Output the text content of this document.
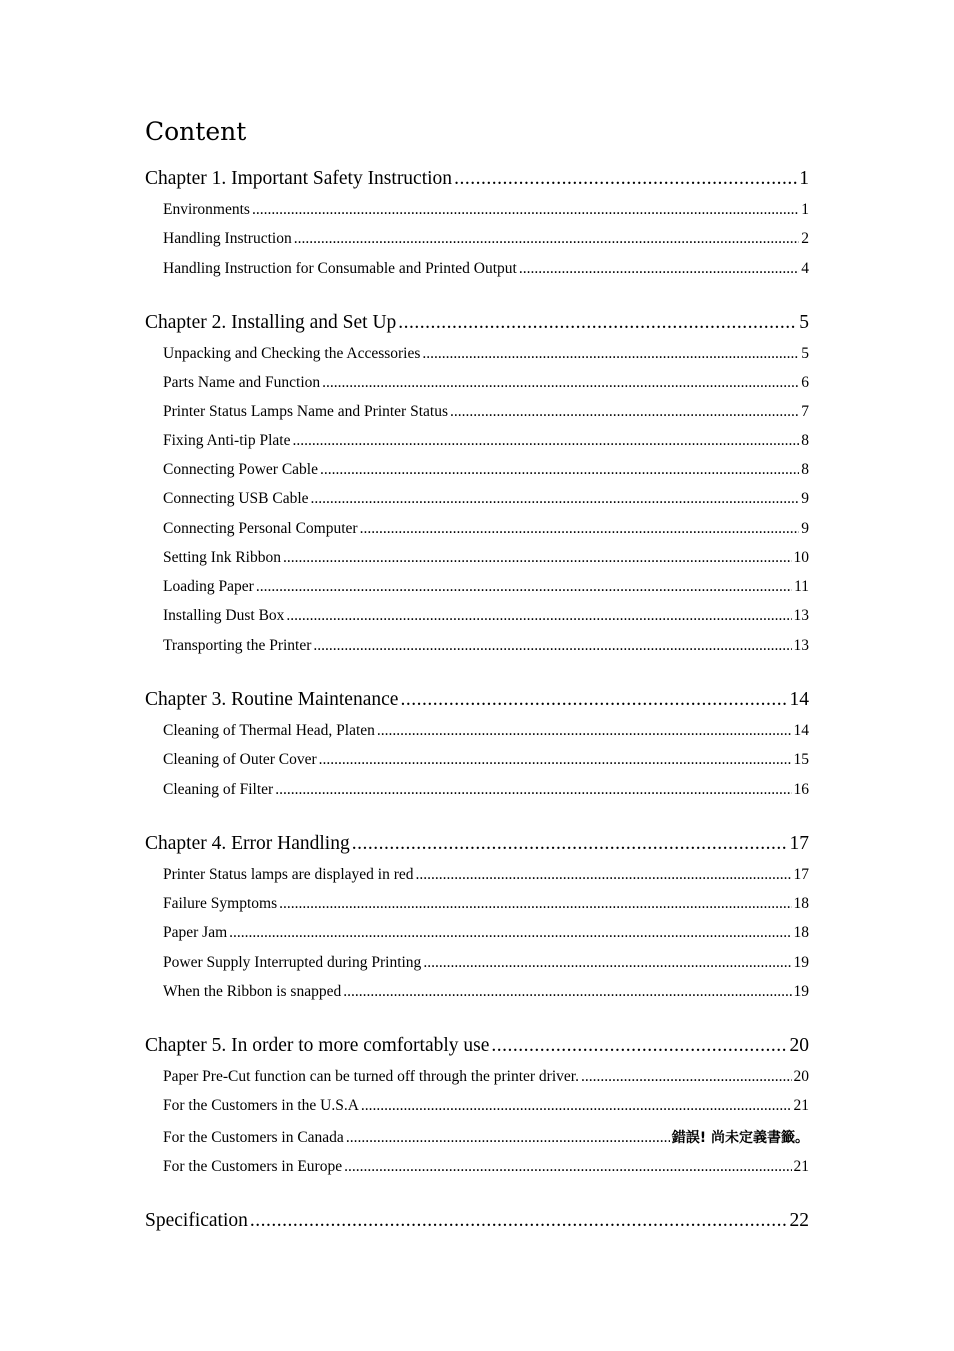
Content
Chapter 1. Important Safety Instruction .....	1
Environments .....	1
Handling Instruction .....	2
Handling Instruction for Consumable and Printed Output .....	4
Chapter 2. Installing and Set Up .....	5
Unpacking and Checking the Accessories .....	5
Parts Name and Function .....	6
Printer Status Lamps Name and Printer Status .....	7
Fixing Anti-tip Plate .....	8
Connecting Power Cable .....	8
Connecting USB Cable .....	9
Connecting Personal Computer .....	9
Setting Ink Ribbon .....	10
Loading Paper .....	11
Installing Dust Box .....	13
Transporting the Printer .....	13
Chapter 3. Routine Maintenance .....	14
Cleaning of Thermal Head, Platen .....	14
Cleaning of Outer Cover .....	15
Cleaning of Filter .....	16
Chapter 4. Error Handling .....	17
Printer Status lamps are displayed in red .....	17
Failure Symptoms .....	18
Paper Jam .....	18
Power Supply Interrupted during Printing .....	19
When the Ribbon is snapped .....	19
Chapter 5. In order to more comfortably use .....	20
Paper Pre-Cut function can be turned off through the printer driver. .....	20
For the Customers in the U.S.A .....	21
For the Customers in Canada .....	錯誤! 尚未定義書籤。
For the Customers in Europe .....	21
Specification .....	22
